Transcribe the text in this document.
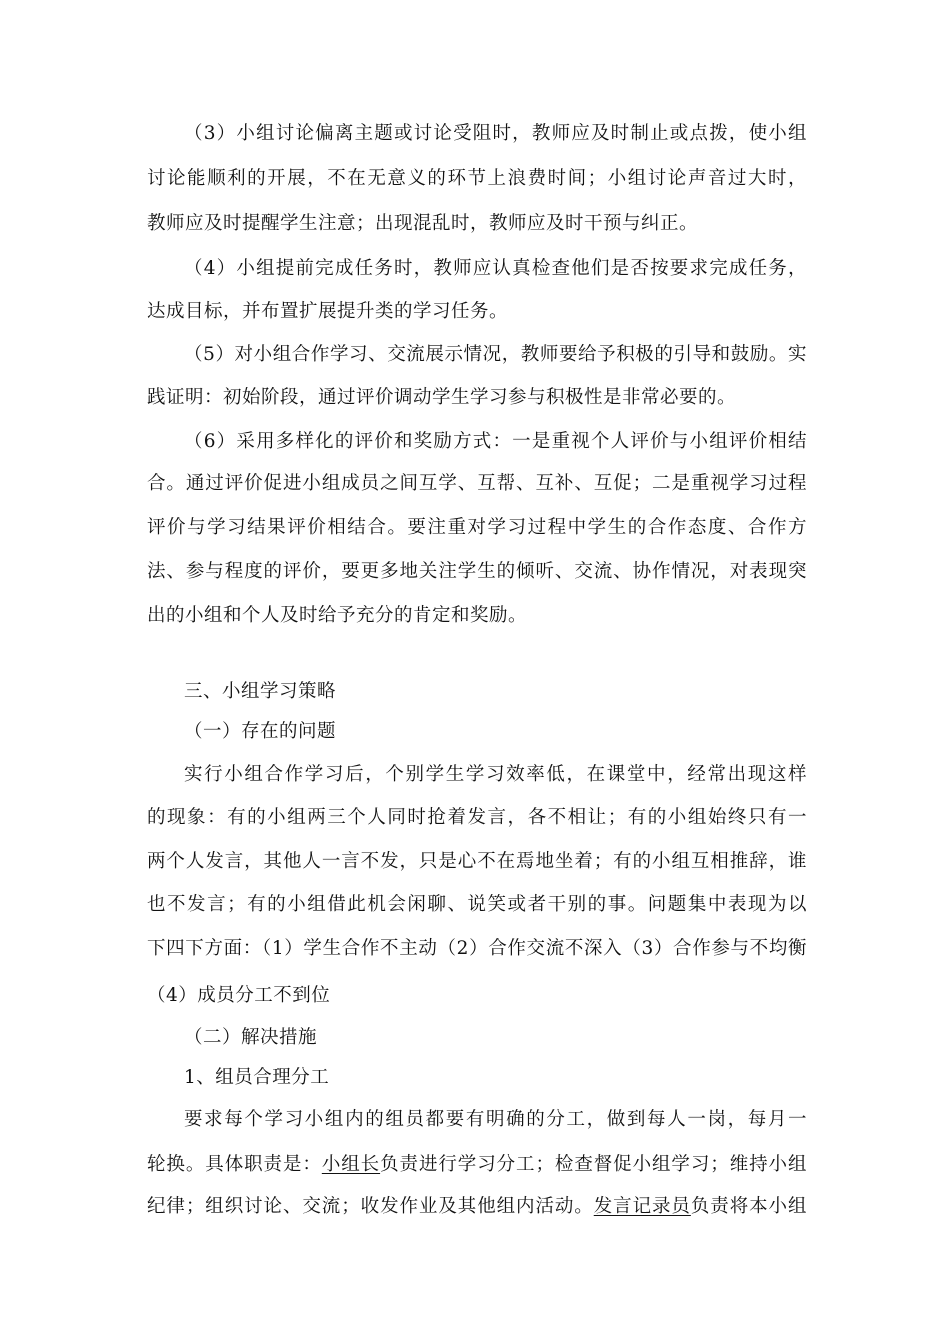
（3）小组讨论偏离主题或讨论受阻时，教师应及时制止或点拨，使小组
讨论能顺利的开展，不在无意义的环节上浪费时间；小组讨论声音过大时，
教师应及时提醒学生注意；出现混乱时，教师应及时干预与纠正。
（4）小组提前完成任务时，教师应认真检查他们是否按要求完成任务，
达成目标，并布置扩展提升类的学习任务。
（5）对小组合作学习、交流展示情况，教师要给予积极的引导和鼓励。实
践证明：初始阶段，通过评价调动学生学习参与积极性是非常必要的。
（6）采用多样化的评价和奖励方式：一是重视个人评价与小组评价相结
合。通过评价促进小组成员之间互学、互帮、互补、互促；二是重视学习过程
评价与学习结果评价相结合。要注重对学习过程中学生的合作态度、合作方
法、参与程度的评价，要更多地关注学生的倾听、交流、协作情况，对表现突
出的小组和个人及时给予充分的肯定和奖励。
三、小组学习策略
（一）存在的问题
实行小组合作学习后，个别学生学习效率低，在课堂中，经常出现这样
的现象：有的小组两三个人同时抢着发言，各不相让；有的小组始终只有一
两个人发言，其他人一言不发，只是心不在焉地坐着；有的小组互相推辞，谁
也不发言；有的小组借此机会闲聊、说笑或者干别的事。问题集中表现为以
下四下方面：（1）学生合作不主动（2）合作交流不深入（3）合作参与不均衡
（4）成员分工不到位
（二）解决措施
1、组员合理分工
要求每个学习小组内的组员都要有明确的分工，做到每人一岗，每月一
轮换。具体职责是：小组长负责进行学习分工；检查督促小组学习；维持小组
纪律；组织讨论、交流；收发作业及其他组内活动。发言记录员负责将本小组
